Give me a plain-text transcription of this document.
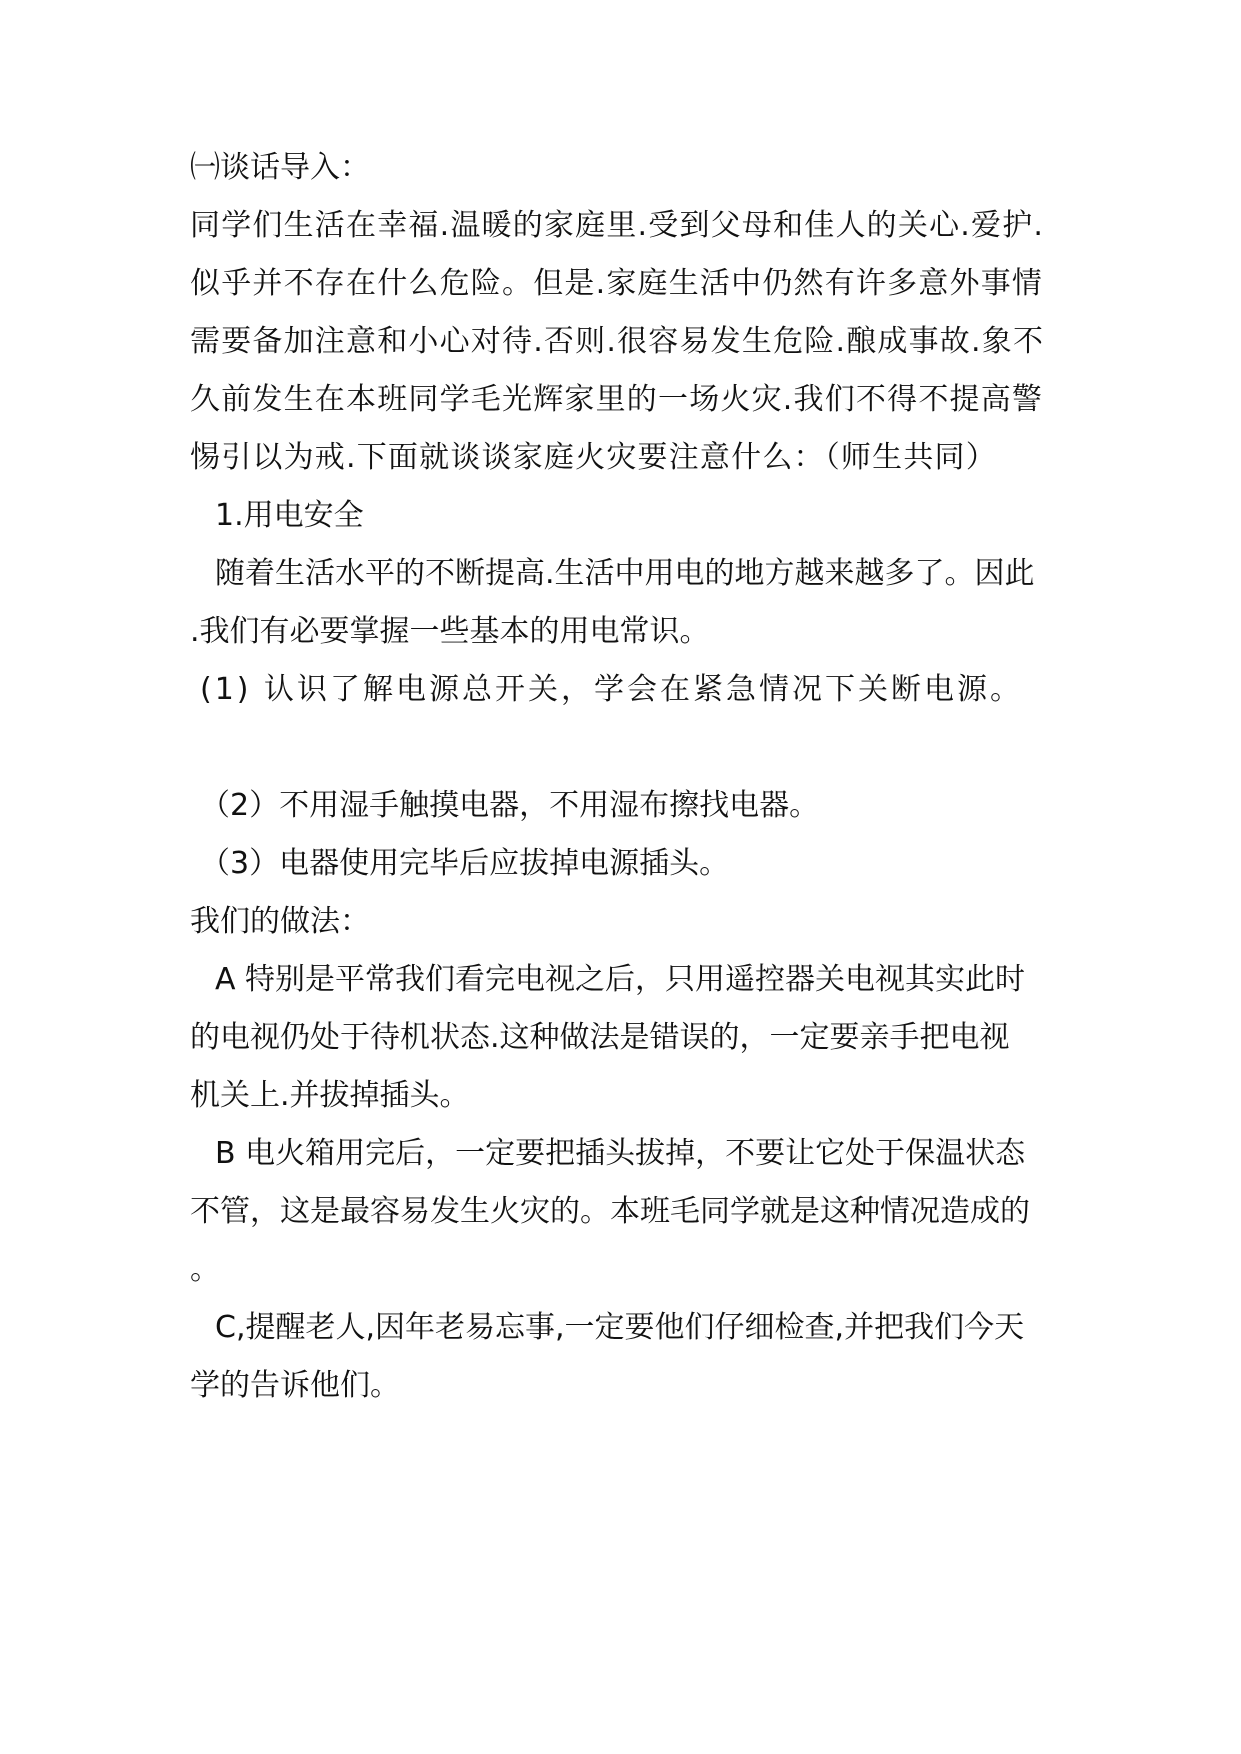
㈠谈话导入：
同学们生活在幸福.温暖的家庭里.受到父母和佳人的关心.爱护.
似乎并不存在什么危险。但是.家庭生活中仍然有许多意外事情
需要备加注意和小心对待.否则.很容易发生危险.酿成事故.象不
久前发生在本班同学毛光辉家里的一场火灾.我们不得不提高警
惕引以为戒.下面就谈谈家庭火灾要注意什么：（师生共同）
1.用电安全
随着生活水平的不断提高.生活中用电的地方越来越多了。因此
.我们有必要掌握一些基本的用电常识。
(1) 认识了解电源总开关，学会在紧急情况下关断电源。
（2）不用湿手触摸电器，不用湿布擦找电器。
（3）电器使用完毕后应拔掉电源插头。
我们的做法：
A 特别是平常我们看完电视之后，只用遥控器关电视其实此时
的电视仍处于待机状态.这种做法是错误的，一定要亲手把电视
机关上.并拔掉插头。
B 电火箱用完后，一定要把插头拔掉，不要让它处于保温状态
不管，这是最容易发生火灾的。本班毛同学就是这种情况造成的
。
C,提醒老人,因年老易忘事,一定要他们仔细检查,并把我们今天
学的告诉他们。
